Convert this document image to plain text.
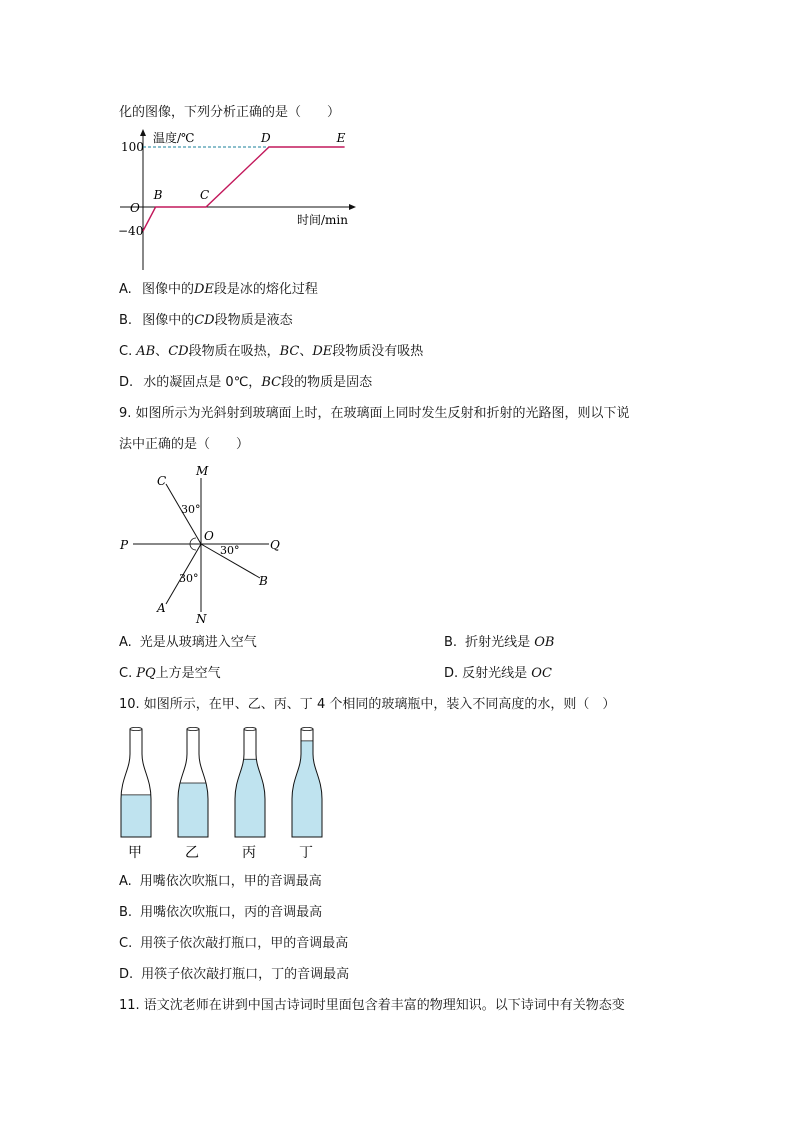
化的图像，下列分析正确的是（　　）
温度/℃
时间/min
100
O
−40
B	C
D	E
A. 图像中的DE段是冰的熔化过程
B. 图像中的CD段物质是液态
C. AB、CD段物质在吸热，BC、DE段物质没有吸热
D. 水的凝固点是 0℃，BC段的物质是固态
9. 如图所示为光斜射到玻璃面上时，在玻璃面上同时发生反射和折射的光路图，则以下说
法中正确的是（　　）
M
N
P	Q
C
A
B
O
30°
30°
30°
A. 光是从玻璃进入空气	B. 折射光线是 OB
C. PQ上方是空气	D. 反射光线是 OC
10. 如图所示，在甲、乙、丙、丁 4 个相同的玻璃瓶中，装入不同高度的水，则（　）
甲	乙	丙	丁
A. 用嘴依次吹瓶口，甲的音调最高
B. 用嘴依次吹瓶口，丙的音调最高
C. 用筷子依次敲打瓶口，甲的音调最高
D. 用筷子依次敲打瓶口，丁的音调最高
11. 语文沈老师在讲到中国古诗词时里面包含着丰富的物理知识。以下诗词中有关物态变
